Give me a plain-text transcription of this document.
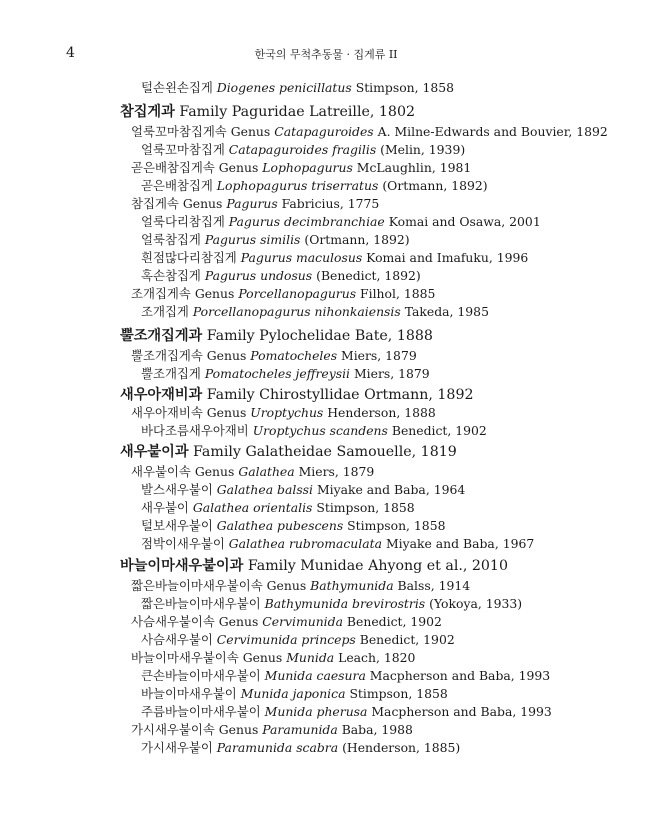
4	한국의 무척추동물 · 집게류 II
털손왼손집게 Diogenes penicillatus Stimpson, 1858
참집게과 Family Paguridae Latreille, 1802
얼룩꼬마참집게속 Genus Catapaguroides A. Milne-Edwards and Bouvier, 1892
얼룩꼬마참집게 Catapaguroides fragilis (Melin, 1939)
곧은배참집게속 Genus Lophopagurus McLaughlin, 1981
곧은배참집게 Lophopagurus triserratus (Ortmann, 1892)
참집게속 Genus Pagurus Fabricius, 1775
얼룩다리참집게 Pagurus decimbranchiae Komai and Osawa, 2001
얼룩참집게 Pagurus similis (Ortmann, 1892)
흰점많다리참집게 Pagurus maculosus Komai and Imafuku, 1996
혹손참집게 Pagurus undosus (Benedict, 1892)
조개집게속 Genus Porcellanopagurus Filhol, 1885
조개집게 Porcellanopagurus nihonkaiensis Takeda, 1985
뿔조개집게과 Family Pylochelidae Bate, 1888
뿔조개집게속 Genus Pomatocheles Miers, 1879
뿔조개집게 Pomatocheles jeffreysii Miers, 1879
새우아재비과 Family Chirostyllidae Ortmann, 1892
새우아재비속 Genus Uroptychus Henderson, 1888
바다조름새우아재비 Uroptychus scandens Benedict, 1902
새우붙이과 Family Galatheidae Samouelle, 1819
새우붙이속 Genus Galathea Miers, 1879
발스새우붙이 Galathea balssi Miyake and Baba, 1964
새우붙이 Galathea orientalis Stimpson, 1858
털보새우붙이 Galathea pubescens Stimpson, 1858
점박이새우붙이 Galathea rubromaculata Miyake and Baba, 1967
바늘이마새우붙이과 Family Munidae Ahyong et al., 2010
짧은바늘이마새우붙이속 Genus Bathymunida Balss, 1914
짧은바늘이마새우붙이 Bathymunida brevirostris (Yokoya, 1933)
사슴새우붙이속 Genus Cervimunida Benedict, 1902
사슴새우붙이 Cervimunida princeps Benedict, 1902
바늘이마새우붙이속 Genus Munida Leach, 1820
큰손바늘이마새우붙이 Munida caesura Macpherson and Baba, 1993
바늘이마새우붙이 Munida japonica Stimpson, 1858
주름바늘이마새우붙이 Munida pherusa Macpherson and Baba, 1993
가시새우붙이속 Genus Paramunida Baba, 1988
가시새우붙이 Paramunida scabra (Henderson, 1885)
